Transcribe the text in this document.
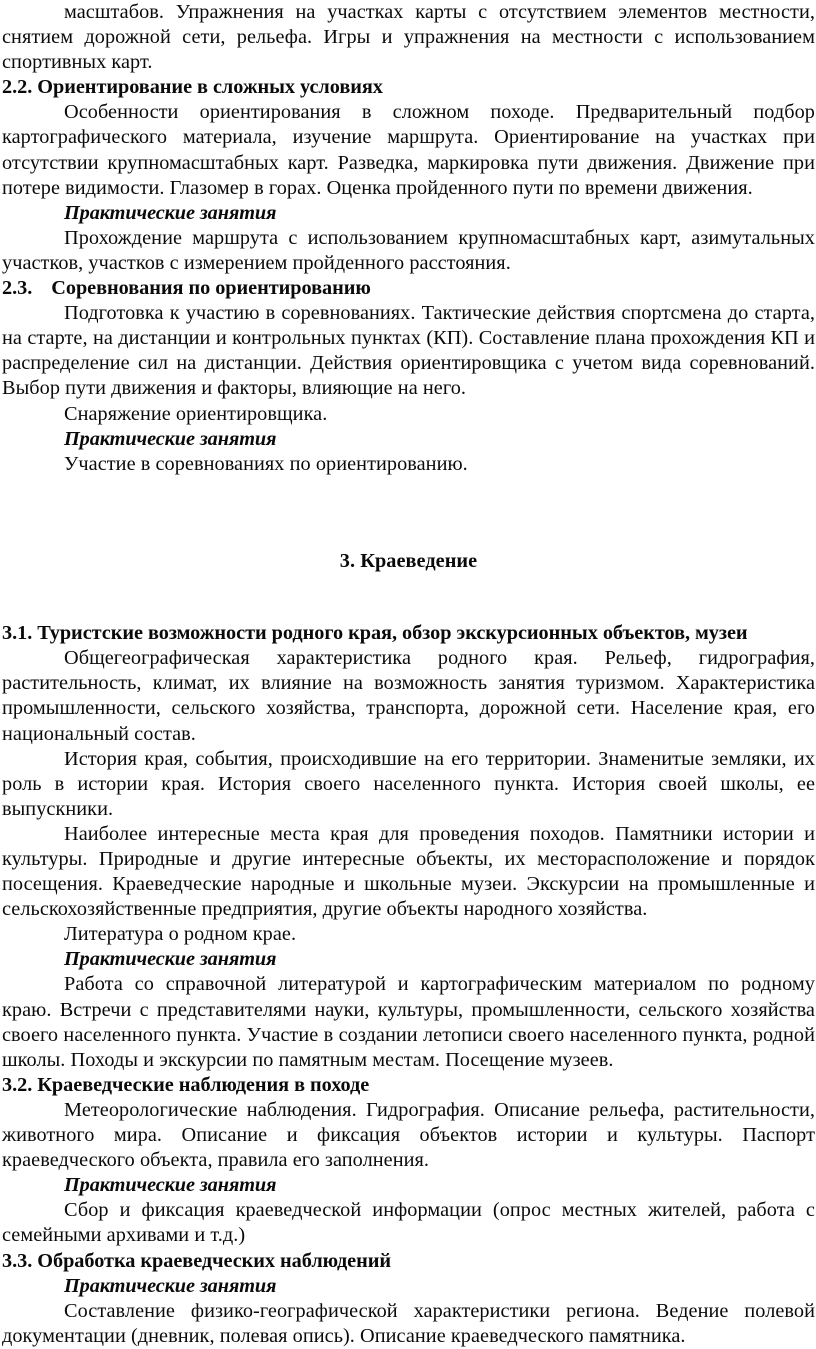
масштабов. Упражнения на участках карты с отсутствием элементов местности, снятием дорожной сети, рельефа. Игры и упражнения на местности с использованием спортивных карт.

2.2. Ориентирование в сложных условиях

Особенности ориентирования в сложном походе. Предварительный подбор картографического материала, изучение маршрута. Ориентирование на участках при отсутствии крупномасштабных карт. Разведка, маркировка пути движения. Движение при потере видимости. Глазомер в горах. Оценка пройденного пути по времени движения.

Практические занятия

Прохождение маршрута с использованием крупномасштабных карт, азимутальных участков, участков с измерением пройденного расстояния.

2.3. Соревнования по ориентированию

Подготовка к участию в соревнованиях. Тактические действия спортсмена до старта, на старте, на дистанции и контрольных пунктах (КП). Составление плана прохождения КП и распределение сил на дистанции. Действия ориентировщика с учетом вида соревнований. Выбор пути движения и факторы, влияющие на него.

Снаряжение ориентировщика.

Практические занятия

Участие в соревнованиях по ориентированию.

3. Краеведение

3.1. Туристские возможности родного края, обзор экскурсионных объектов, музеи

Общегеографическая характеристика родного края. Рельеф, гидрография, растительность, климат, их влияние на возможность занятия туризмом. Характеристика промышленности, сельского хозяйства, транспорта, дорожной сети. Население края, его национальный состав.

История края, события, происходившие на его территории. Знаменитые земляки, их роль в истории края. История своего населенного пункта. История своей школы, ее выпускники.

Наиболее интересные места края для проведения походов. Памятники истории и культуры. Природные и другие интересные объекты, их месторасположение и порядок посещения. Краеведческие народные и школьные музеи. Экскурсии на промышленные и сельскохозяйственные предприятия, другие объекты народного хозяйства.

Литература о родном крае.

Практические занятия

Работа со справочной литературой и картографическим материалом по родному краю. Встречи с представителями науки, культуры, промышленности, сельского хозяйства своего населенного пункта. Участие в создании летописи своего населенного пункта, родной школы. Походы и экскурсии по памятным местам. Посещение музеев.

3.2. Краеведческие наблюдения в походе

Метеорологические наблюдения. Гидрография. Описание рельефа, растительности, животного мира. Описание и фиксация объектов истории и культуры. Паспорт краеведческого объекта, правила его заполнения.

Практические занятия

Сбор и фиксация краеведческой информации (опрос местных жителей, работа с семейными архивами и т.д.)

3.3. Обработка краеведческих наблюдений

Практические занятия

Составление физико-географической характеристики региона. Ведение полевой документации (дневник, полевая опись). Описание краеведческого памятника.
